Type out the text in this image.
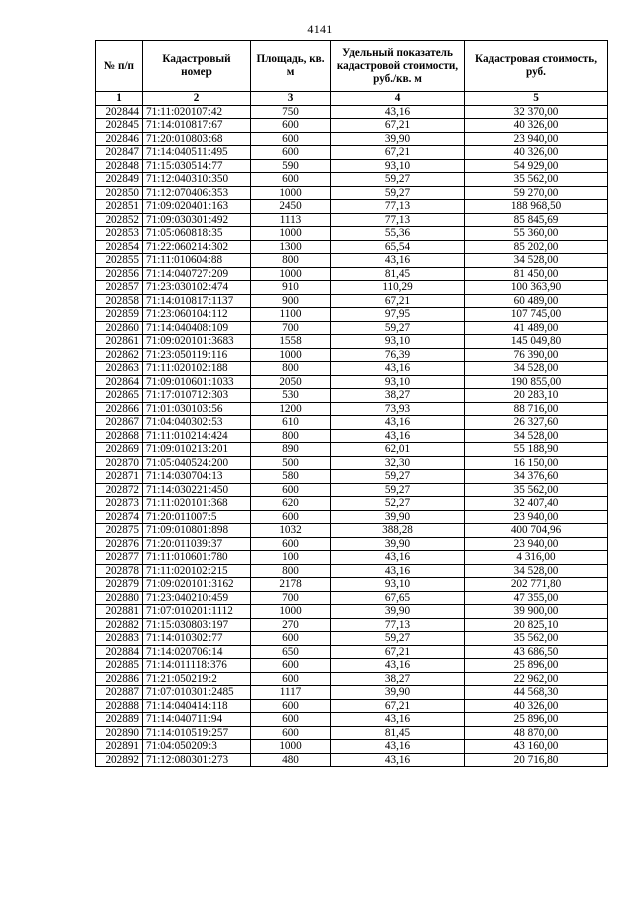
4141
№ п/п	Кадастровый номер	Площадь, кв. м	Удельный показатель кадастровой стоимости, руб./кв. м	Кадастровая стоимость, руб.
1	2	3	4	5
202844	71:11:020107:42	750	43,16	32 370,00
202845	71:14:010817:67	600	67,21	40 326,00
202846	71:20:010803:68	600	39,90	23 940,00
202847	71:14:040511:495	600	67,21	40 326,00
202848	71:15:030514:77	590	93,10	54 929,00
202849	71:12:040310:350	600	59,27	35 562,00
202850	71:12:070406:353	1000	59,27	59 270,00
202851	71:09:020401:163	2450	77,13	188 968,50
202852	71:09:030301:492	1113	77,13	85 845,69
202853	71:05:060818:35	1000	55,36	55 360,00
202854	71:22:060214:302	1300	65,54	85 202,00
202855	71:11:010604:88	800	43,16	34 528,00
202856	71:14:040727:209	1000	81,45	81 450,00
202857	71:23:030102:474	910	110,29	100 363,90
202858	71:14:010817:1137	900	67,21	60 489,00
202859	71:23:060104:112	1100	97,95	107 745,00
202860	71:14:040408:109	700	59,27	41 489,00
202861	71:09:020101:3683	1558	93,10	145 049,80
202862	71:23:050119:116	1000	76,39	76 390,00
202863	71:11:020102:188	800	43,16	34 528,00
202864	71:09:010601:1033	2050	93,10	190 855,00
202865	71:17:010712:303	530	38,27	20 283,10
202866	71:01:030103:56	1200	73,93	88 716,00
202867	71:04:040302:53	610	43,16	26 327,60
202868	71:11:010214:424	800	43,16	34 528,00
202869	71:09:010213:201	890	62,01	55 188,90
202870	71:05:040524:200	500	32,30	16 150,00
202871	71:14:030704:13	580	59,27	34 376,60
202872	71:14:030221:450	600	59,27	35 562,00
202873	71:11:020101:368	620	52,27	32 407,40
202874	71:20:011007:5	600	39,90	23 940,00
202875	71:09:010801:898	1032	388,28	400 704,96
202876	71:20:011039:37	600	39,90	23 940,00
202877	71:11:010601:780	100	43,16	4 316,00
202878	71:11:020102:215	800	43,16	34 528,00
202879	71:09:020101:3162	2178	93,10	202 771,80
202880	71:23:040210:459	700	67,65	47 355,00
202881	71:07:010201:1112	1000	39,90	39 900,00
202882	71:15:030803:197	270	77,13	20 825,10
202883	71:14:010302:77	600	59,27	35 562,00
202884	71:14:020706:14	650	67,21	43 686,50
202885	71:14:011118:376	600	43,16	25 896,00
202886	71:21:050219:2	600	38,27	22 962,00
202887	71:07:010301:2485	1117	39,90	44 568,30
202888	71:14:040414:118	600	67,21	40 326,00
202889	71:14:040711:94	600	43,16	25 896,00
202890	71:14:010519:257	600	81,45	48 870,00
202891	71:04:050209:3	1000	43,16	43 160,00
202892	71:12:080301:273	480	43,16	20 716,80
